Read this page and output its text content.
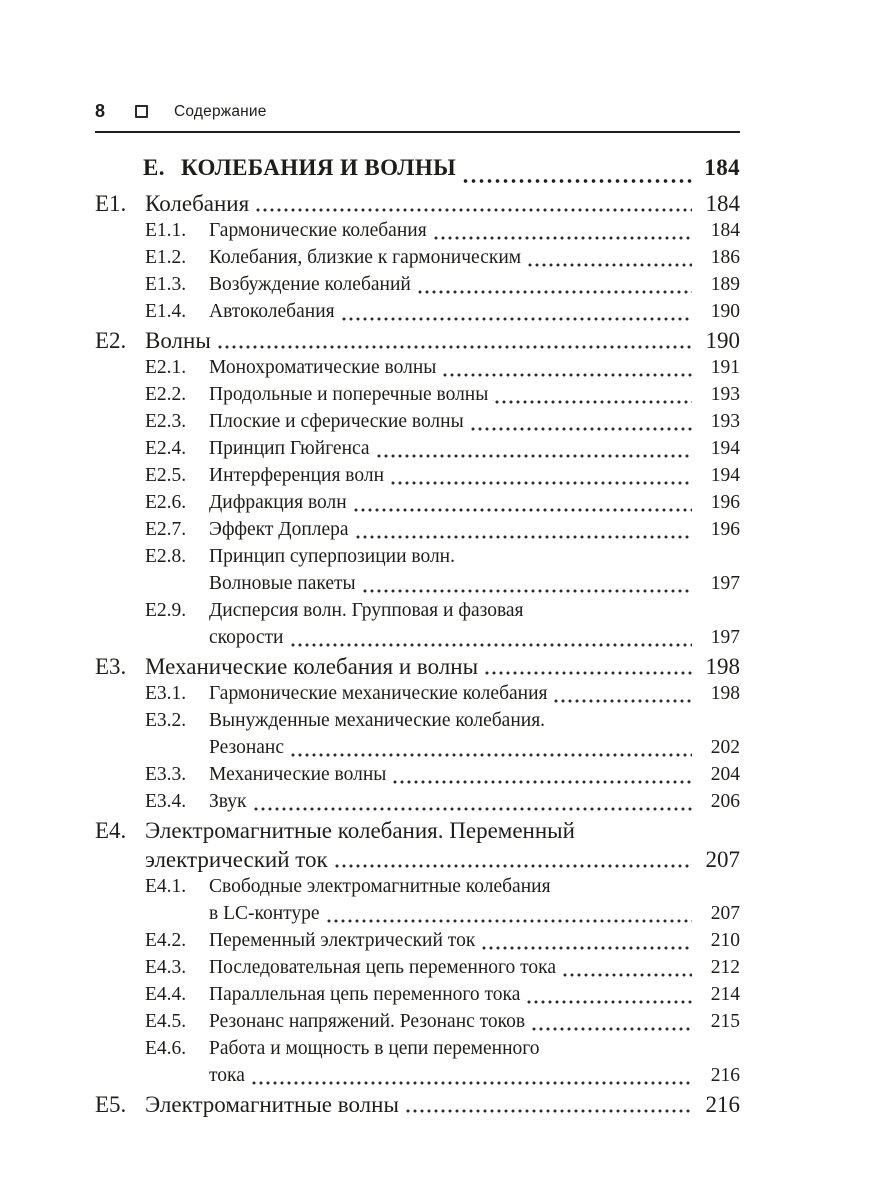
8	Содержание
Е. КОЛЕБАНИЯ И ВОЛНЫ	184
Е1. Колебания	184
Е1.1.	Гармонические колебания	184
Е1.2.	Колебания, близкие к гармоническим	186
Е1.3.	Возбуждение колебаний	189
Е1.4.	Автоколебания	190
Е2. Волны	190
Е2.1.	Монохроматические волны	191
Е2.2.	Продольные и поперечные волны	193
Е2.3.	Плоские и сферические волны	193
Е2.4.	Принцип Гюйгенса	194
Е2.5.	Интерференция волн	194
Е2.6.	Дифракция волн	196
Е2.7.	Эффект Доплера	196
Е2.8.	Принцип суперпозиции волн.
Волновые пакеты	197
Е2.9.	Дисперсия волн. Групповая и фазовая
скорости	197
Е3. Механические колебания и волны	198
Е3.1.	Гармонические механические колебания	198
Е3.2.	Вынужденные механические колебания.
Резонанс	202
Е3.3.	Механические волны	204
Е3.4.	Звук	206
Е4. Электромагнитные колебания. Переменный
электрический ток	207
Е4.1.	Свободные электромагнитные колебания
в LC-контуре	207
Е4.2.	Переменный электрический ток	210
Е4.3.	Последовательная цепь переменного тока	212
Е4.4.	Параллельная цепь переменного тока	214
Е4.5.	Резонанс напряжений. Резонанс токов	215
Е4.6.	Работа и мощность в цепи переменного
тока	216
Е5. Электромагнитные волны	216
